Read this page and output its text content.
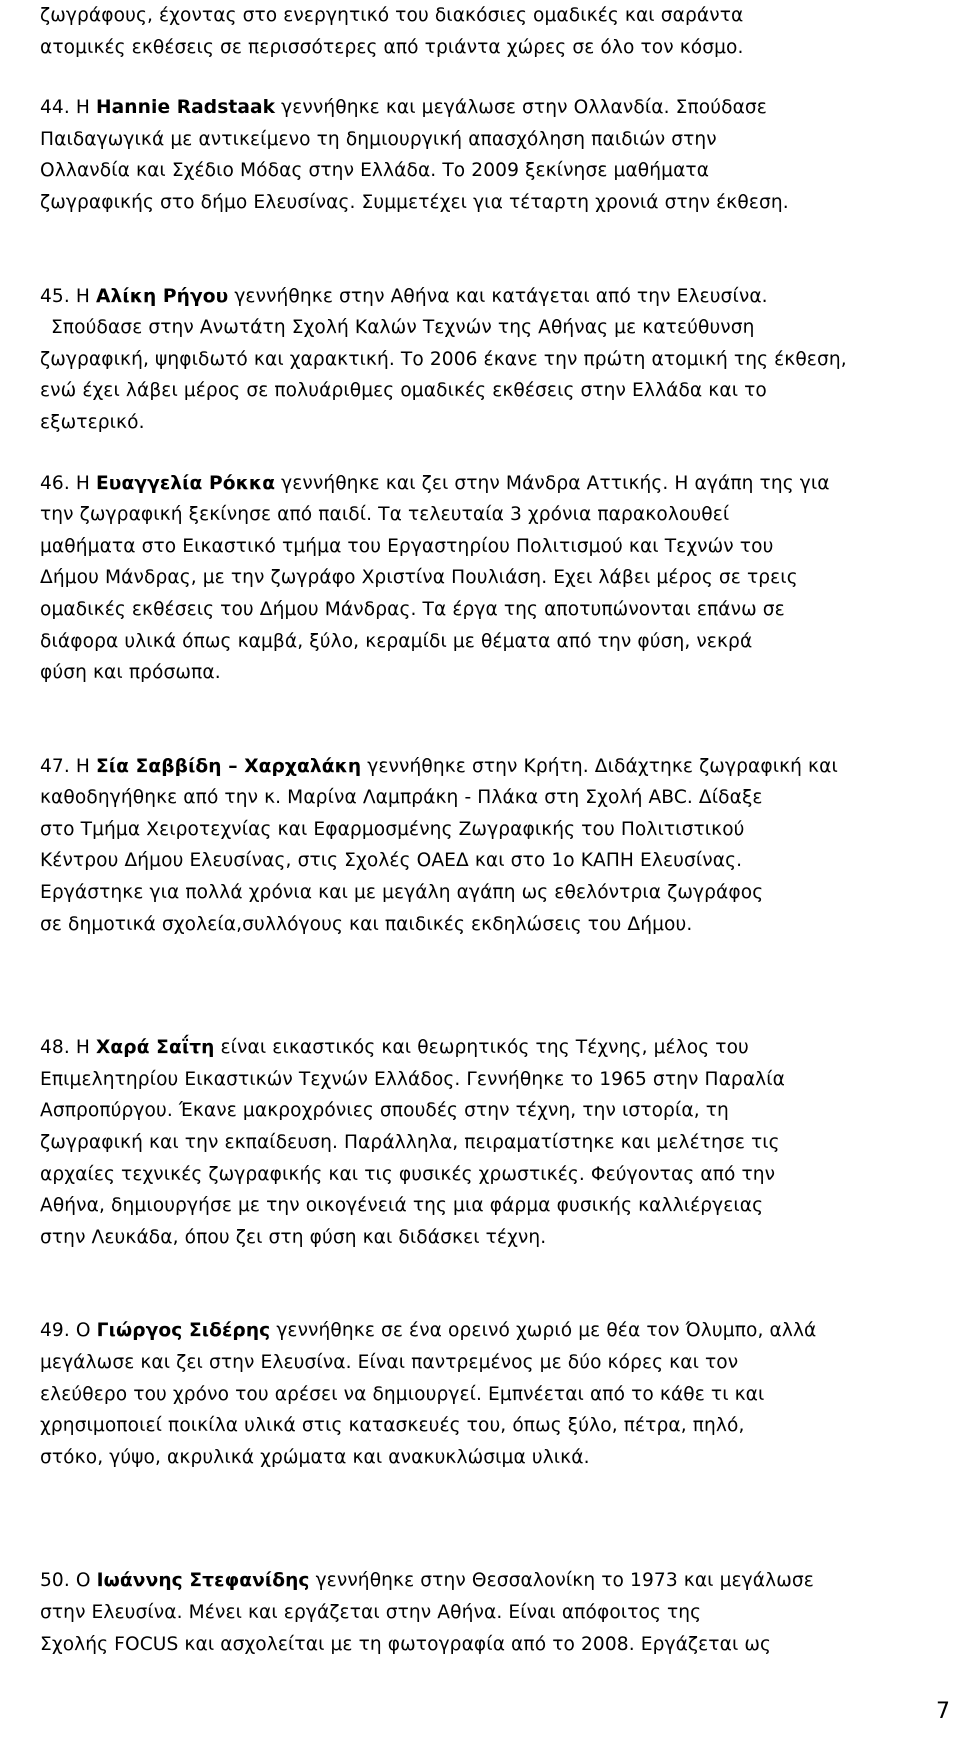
ζωγράφους, έχοντας στο ενεργητικό του διακόσιες ομαδικές και σαράντα
ατομικές εκθέσεις σε περισσότερες από τριάντα χώρες σε όλο τον κόσμο.
44. Η Hannie Radstaak γεννήθηκε και μεγάλωσε στην Ολλανδία. Σπούδασε
Παιδαγωγικά με αντικείμενο τη δημιουργική απασχόληση παιδιών στην
Ολλανδία και Σχέδιο Μόδας στην Ελλάδα. Το 2009 ξεκίνησε μαθήματα
ζωγραφικής στο δήμο Ελευσίνας. Συμμετέχει για τέταρτη χρονιά στην έκθεση.
45. Η Αλίκη Ρήγου γεννήθηκε στην Αθήνα και κατάγεται από την Ελευσίνα.
Σπούδασε στην Ανωτάτη Σχολή Καλών Τεχνών της Αθήνας με κατεύθυνση
ζωγραφική, ψηφιδωτό και χαρακτική. Το 2006 έκανε την πρώτη ατομική της έκθεση,
ενώ έχει λάβει μέρος σε πολυάριθμες ομαδικές εκθέσεις στην Ελλάδα και το
εξωτερικό.
46. Η Ευαγγελία Ρόκκα γεννήθηκε και ζει στην Μάνδρα Αττικής. Η αγάπη της για
την ζωγραφική ξεκίνησε από παιδί. Τα τελευταία 3 χρόνια παρακολουθεί
μαθήματα στο Εικαστικό τμήμα του Εργαστηρίου Πολιτισμού και Τεχνών του
Δήμου Μάνδρας, με την ζωγράφο Χριστίνα Πουλιάση. Εχει λάβει μέρος σε τρεις
ομαδικές εκθέσεις του Δήμου Μάνδρας. Τα έργα της αποτυπώνονται επάνω σε
διάφορα υλικά όπως καμβά, ξύλο, κεραμίδι με θέματα από την φύση, νεκρά
φύση και πρόσωπα.
47. Η Σία Σαββίδη – Χαρχαλάκη γεννήθηκε στην Κρήτη. Διδάχτηκε ζωγραφική και
καθοδηγήθηκε από την κ. Μαρίνα Λαμπράκη - Πλάκα στη Σχολή ABC. Δίδαξε
στο Τμήμα Χειροτεχνίας και Εφαρμοσμένης Ζωγραφικής του Πολιτιστικού
Κέντρου Δήμου Ελευσίνας, στις Σχολές ΟΑΕΔ και στο 1ο ΚΑΠΗ Ελευσίνας.
Εργάστηκε για πολλά χρόνια και με μεγάλη αγάπη ως εθελόντρια ζωγράφος
σε δημοτικά σχολεία,συλλόγους και παιδικές εκδηλώσεις του Δήμου.
48. Η Χαρά Σαΐτη είναι εικαστικός και θεωρητικός της Τέχνης, μέλος του
Επιμελητηρίου Εικαστικών Τεχνών Ελλάδος. Γεννήθηκε το 1965 στην Παραλία
Ασπροπύργου. Έκανε μακροχρόνιες σπουδές στην τέχνη, την ιστορία, τη
ζωγραφική και την εκπαίδευση. Παράλληλα, πειραματίστηκε και μελέτησε τις
αρχαίες τεχνικές ζωγραφικής και τις φυσικές χρωστικές. Φεύγοντας από την
Αθήνα, δημιουργήσε με την οικογένειά της μια φάρμα φυσικής καλλιέργειας
στην Λευκάδα, όπου ζει στη φύση και διδάσκει τέχνη.
49. Ο Γιώργος Σιδέρης γεννήθηκε σε ένα ορεινό χωριό με θέα τον Όλυμπο, αλλά
μεγάλωσε και ζει στην Ελευσίνα. Είναι παντρεμένος με δύο κόρες και τον
ελεύθερο του χρόνο του αρέσει να δημιουργεί. Εμπνέεται από το κάθε τι και
χρησιμοποιεί ποικίλα υλικά στις κατασκευές του, όπως ξύλο, πέτρα, πηλό,
στόκο, γύψο, ακρυλικά χρώματα και ανακυκλώσιμα υλικά.
50. Ο Ιωάννης Στεφανίδης γεννήθηκε στην Θεσσαλονίκη το 1973 και μεγάλωσε
στην Ελευσίνα. Μένει και εργάζεται στην Αθήνα. Είναι απόφοιτος της
Σχολής FOCUS και ασχολείται με τη φωτογραφία από το 2008. Εργάζεται ως
7
